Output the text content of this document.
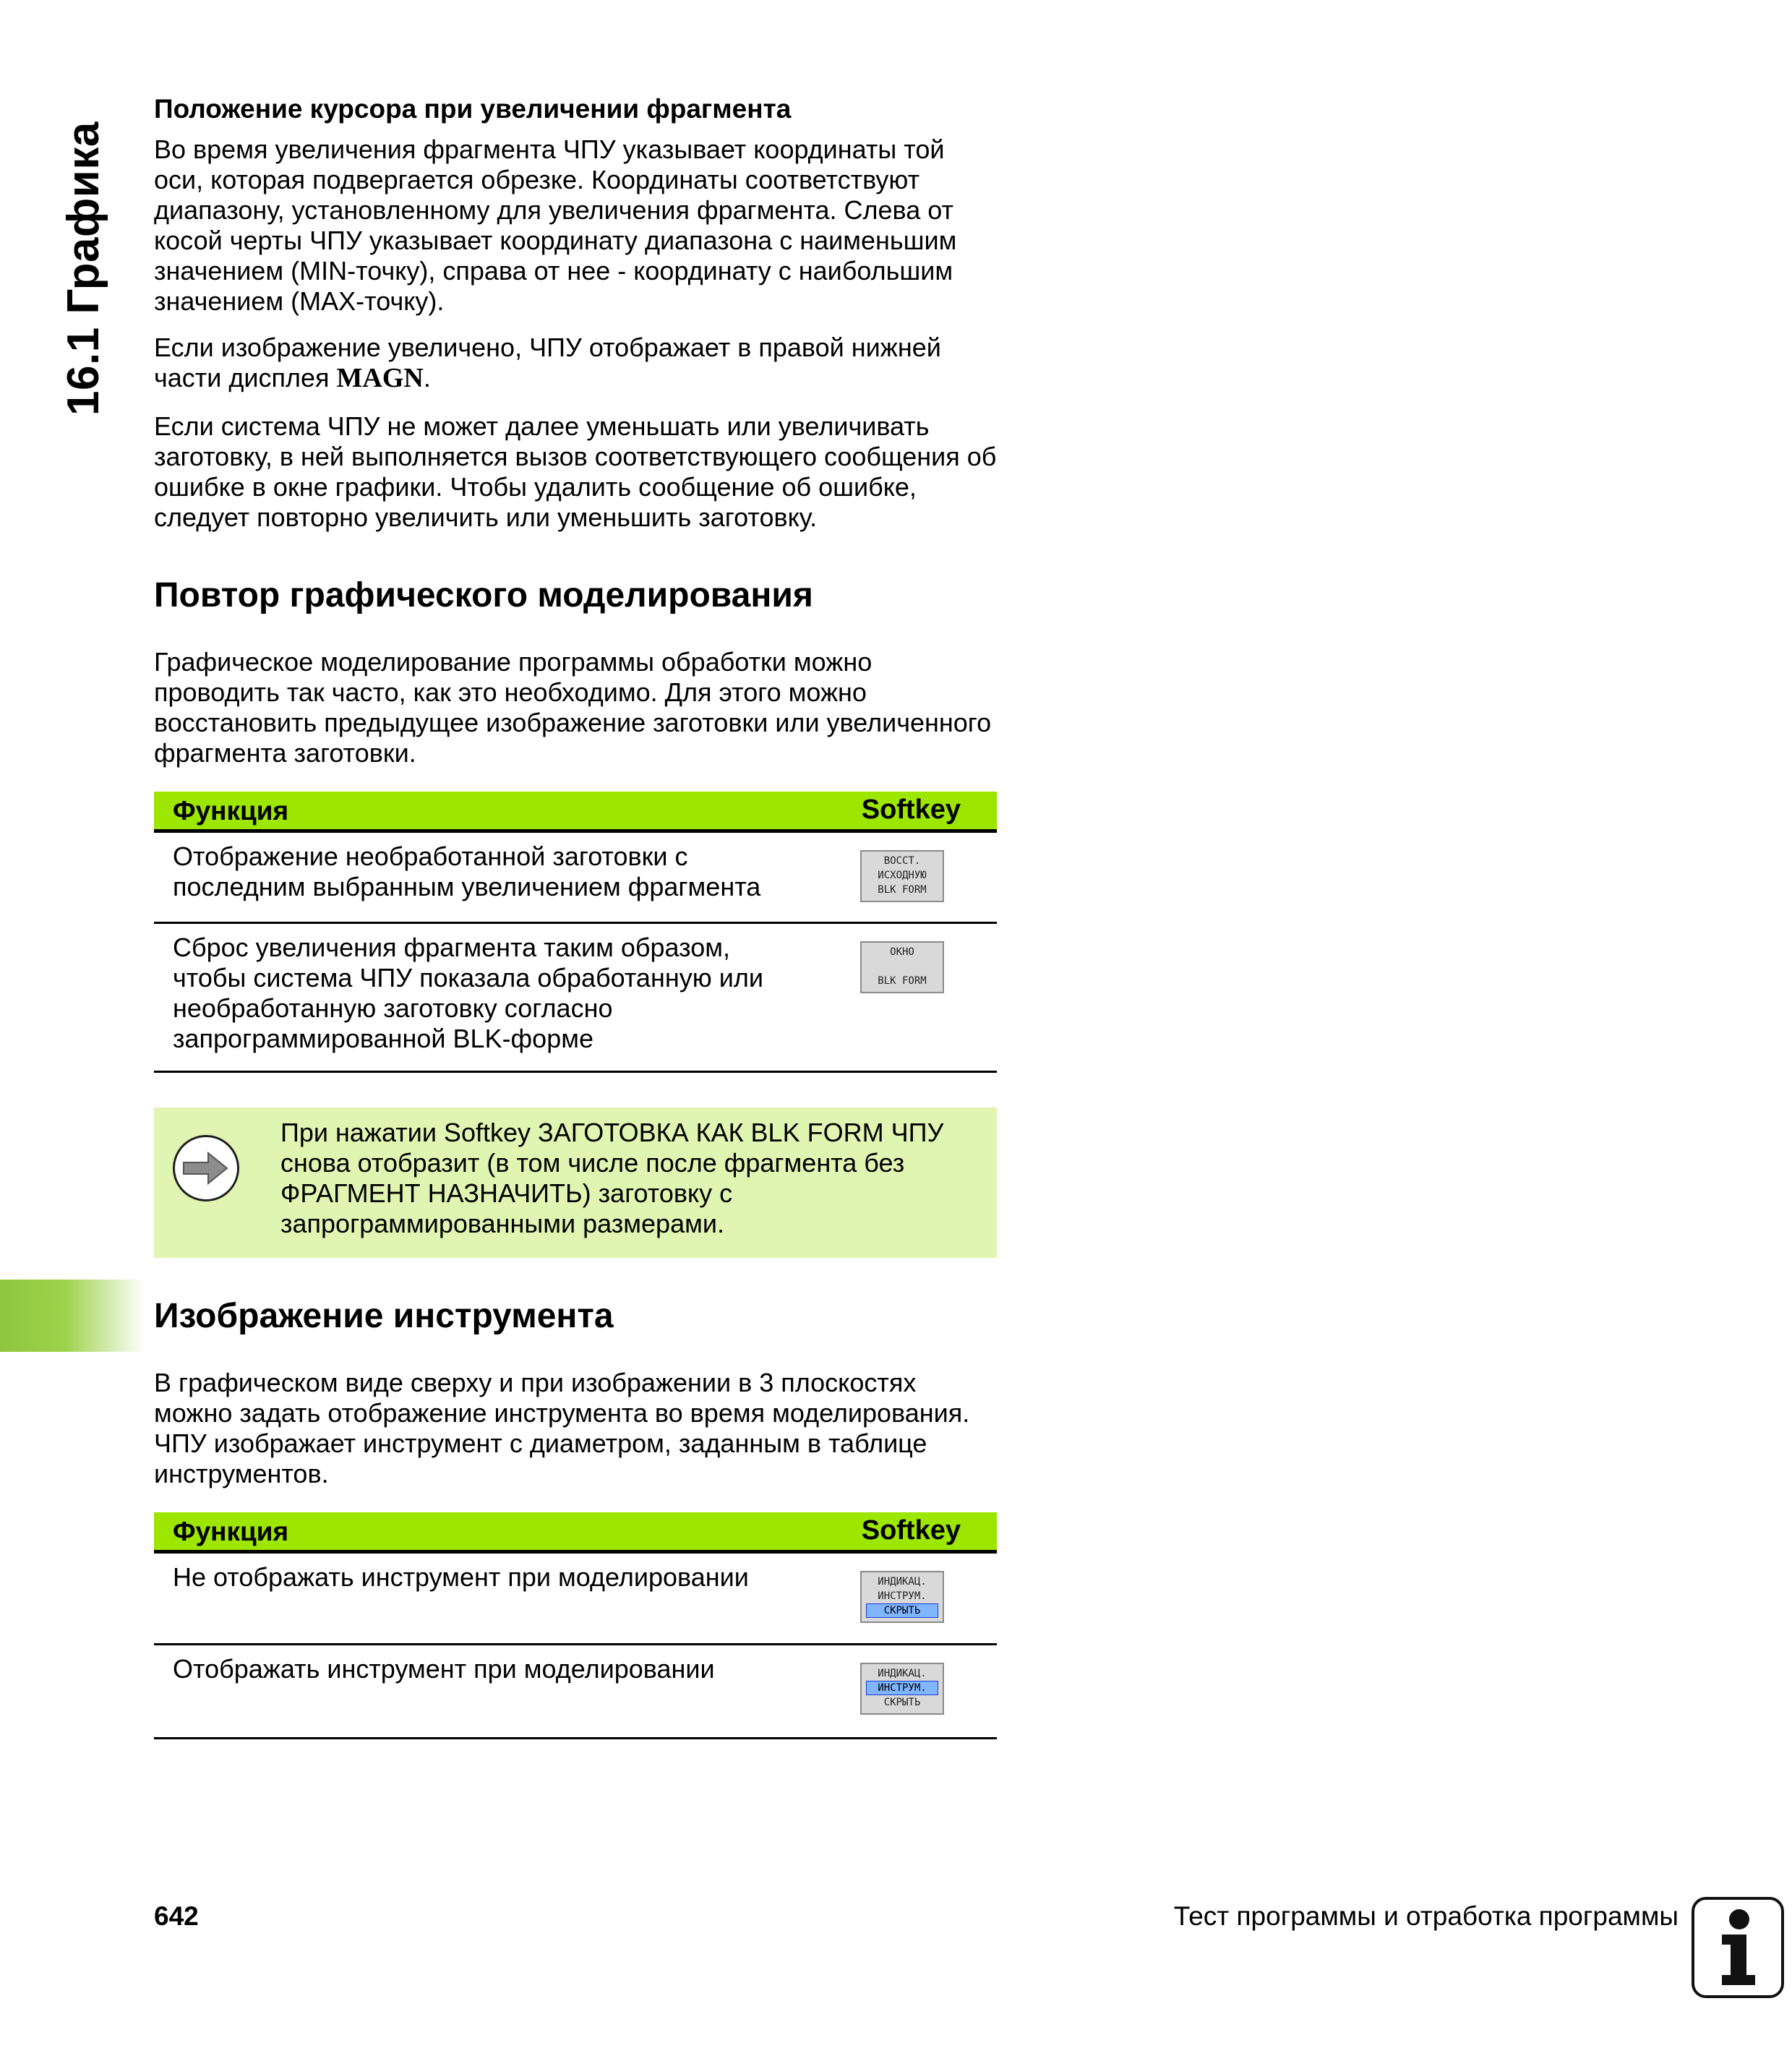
16.1 Графика
Положение курсора при увеличении фрагмента

Во время увеличения фрагмента ЧПУ указывает координаты той оси, которая подвергается обрезке. Координаты соответствуют диапазону, установленному для увеличения фрагмента. Слева от косой черты ЧПУ указывает координату диапазона с наименьшим значением (MIN-точку), справа от нее - координату с наибольшим значением (MAX-точку).

Если изображение увеличено, ЧПУ отображает в правой нижней части дисплея MAGN.

Если система ЧПУ не может далее уменьшать или увеличивать заготовку, в ней выполняется вызов соответствующего сообщения об ошибке в окне графики. Чтобы удалить сообщение об ошибке, следует повторно увеличить или уменьшить заготовку.

Повтор графического моделирования

Графическое моделирование программы обработки можно проводить так часто, как это необходимо. Для этого можно восстановить предыдущее изображение заготовки или увеличенного фрагмента заготовки.

Функция	Softkey
Отображение необработанной заготовки с последним выбранным увеличением фрагмента
ВОССТ.
ИСХОДНУЮ
BLK FORM
Сброс увеличения фрагмента таким образом, чтобы система ЧПУ показала обработанную или необработанную заготовку согласно запрограммированной BLK-форме
ОКНО
BLK FORM
При нажатии Softkey ЗАГОТОВКА КАК BLK FORM ЧПУ снова отобразит (в том числе после фрагмента без ФРАГМЕНТ НАЗНАЧИТЬ) заготовку с запрограммированными размерами.
Изображение инструмента

В графическом виде сверху и при изображении в 3 плоскостях можно задать отображение инструмента во время моделирования. ЧПУ изображает инструмент с диаметром, заданным в таблице инструментов.

Функция	Softkey
Не отображать инструмент при моделировании	ИНДИКАЦ.
ИНСТРУМ.
СКРЫТЬ
Отображать инструмент при моделировании	ИНДИКАЦ.
ИНСТРУМ.
СКРЫТЬ
642	Тест программы и отработка программы
